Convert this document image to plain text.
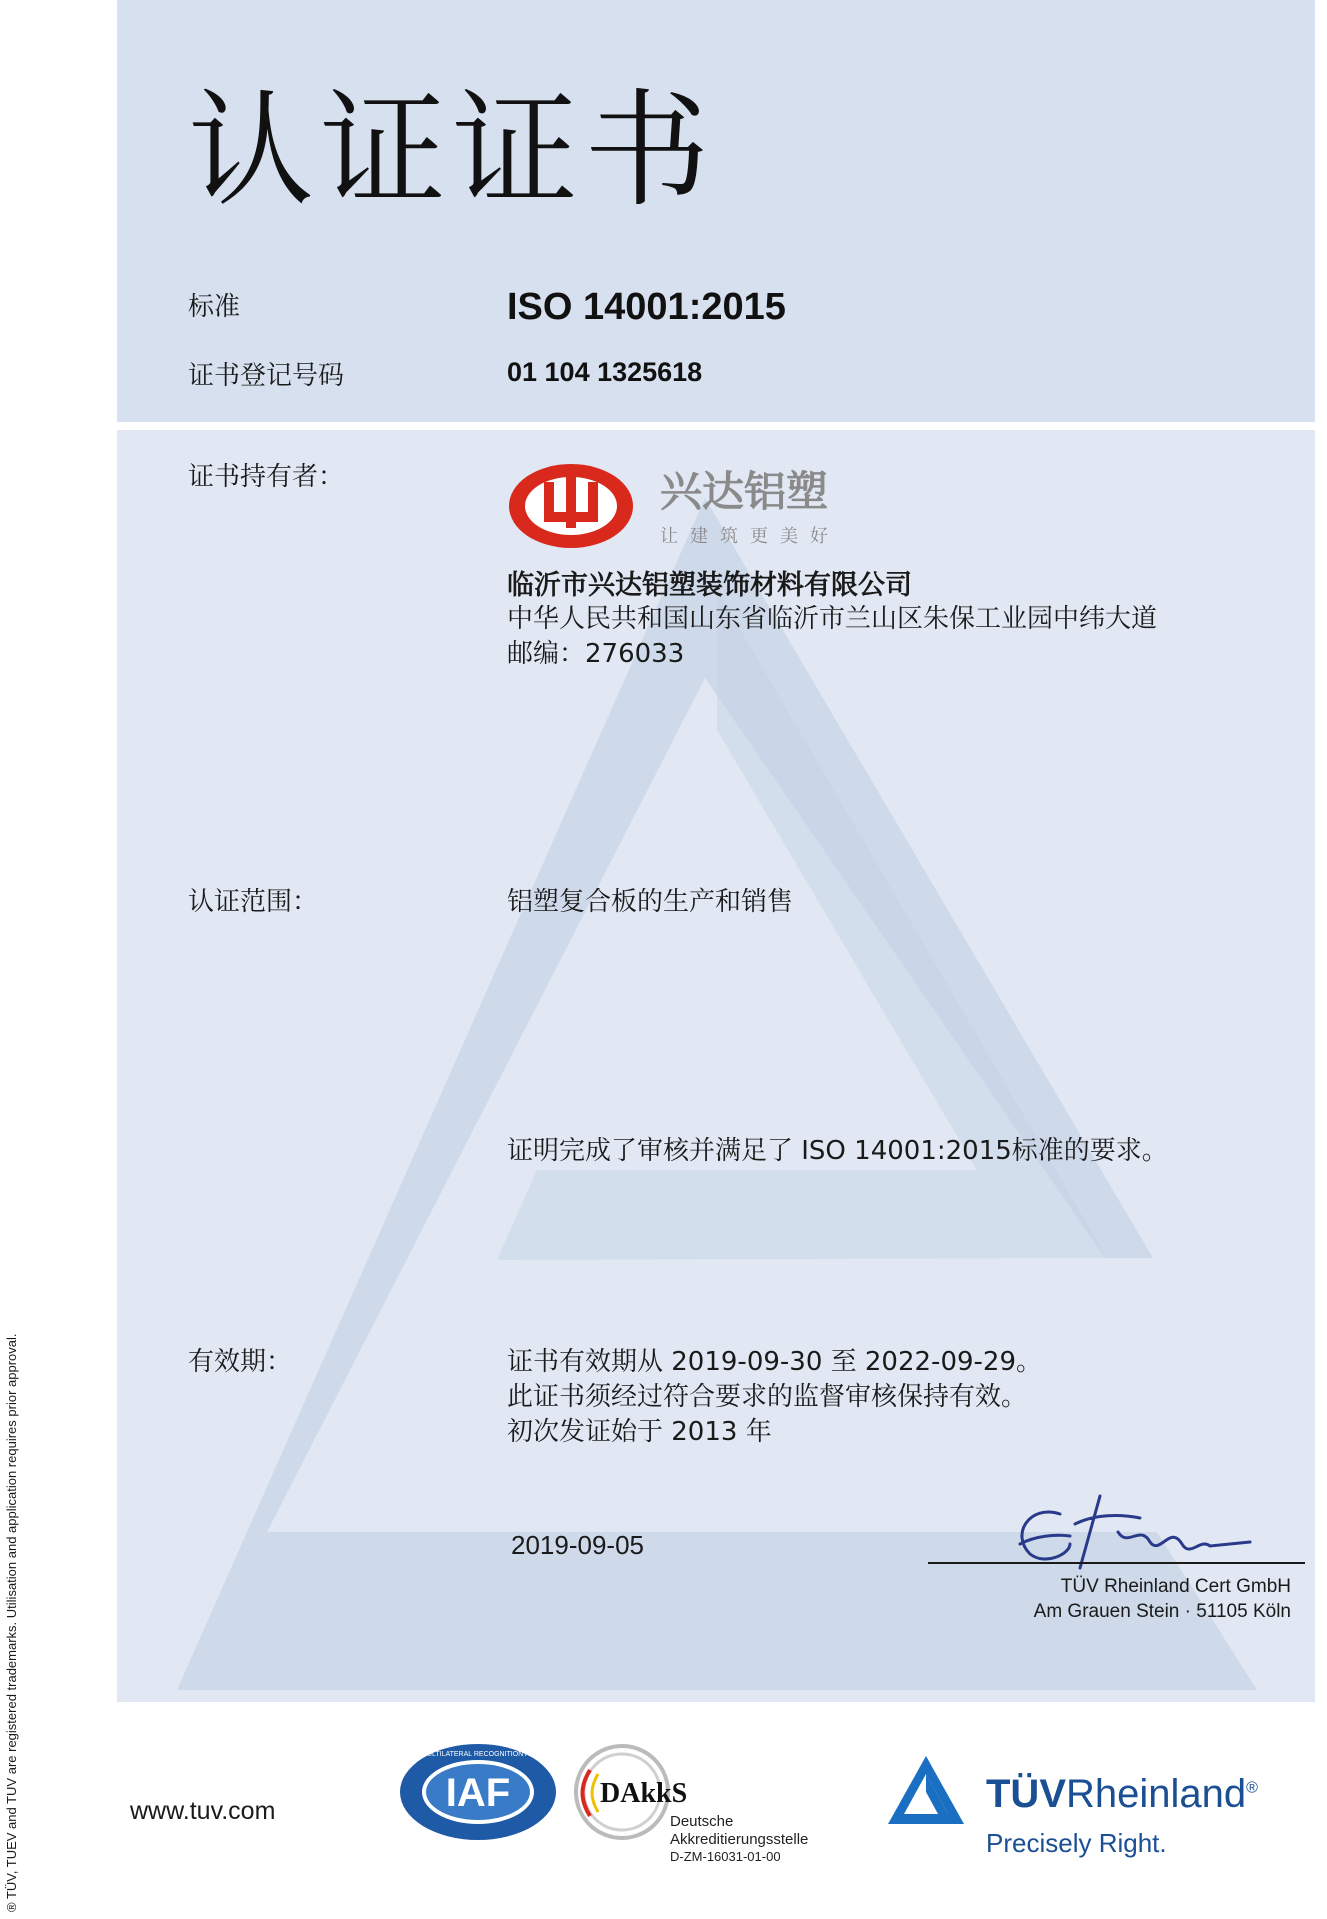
认证证书
标准	ISO 14001:2015
证书登记号码	01 104 1325618
证书持有者：	兴达铝塑
让建筑更美好
临沂市兴达铝塑装饰材料有限公司
中华人民共和国山东省临沂市兰山区朱保工业园中纬大道
邮编：276033
认证范围：	铝塑复合板的生产和销售
证明完成了审核并满足了 ISO 14001:2015标准的要求。
有效期：	证书有效期从 2019-09-30 至 2022-09-29。
此证书须经过符合要求的监督审核保持有效。
初次发证始于 2013 年
2019-09-05
TÜV Rheinland Cert GmbH
Am Grauen Stein · 51105 Köln
www.tuv.com	IAF
MEMBER OF MULTILATERAL RECOGNITION ARRANGEMENT
DAkkS
Deutsche
Akkreditierungsstelle
D-ZM-16031-01-00
TÜVRheinland®
Precisely Right.
® TÜV, TUEV and TUV are registered trademarks. Utilisation and application requires prior approval.
